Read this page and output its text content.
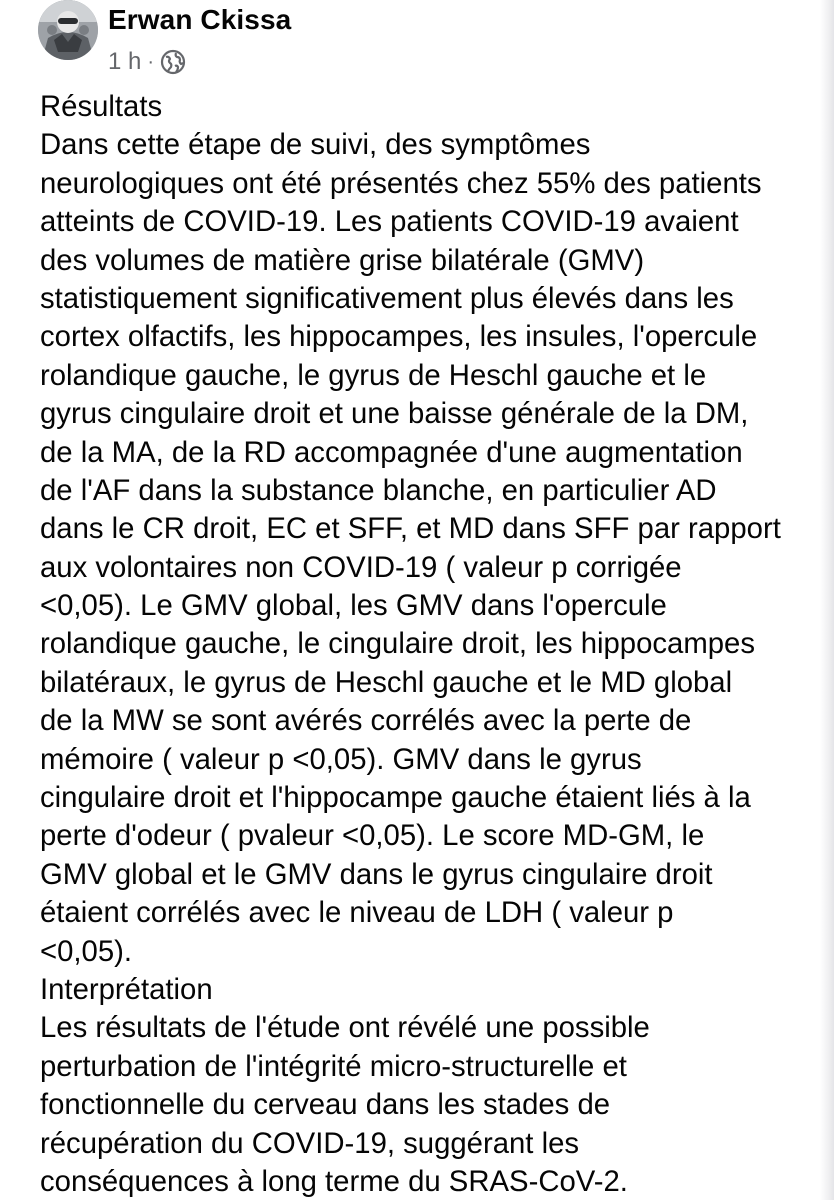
Erwan Ckissa
1 h ·
Résultats
Dans cette étape de suivi, des symptômes
neurologiques ont été présentés chez 55% des patients
atteints de COVID-19. Les patients COVID-19 avaient
des volumes de matière grise bilatérale (GMV)
statistiquement significativement plus élevés dans les
cortex olfactifs, les hippocampes, les insules, l'opercule
rolandique gauche, le gyrus de Heschl gauche et le
gyrus cingulaire droit et une baisse générale de la DM,
de la MA, de la RD accompagnée d'une augmentation
de l'AF dans la substance blanche, en particulier AD
dans le CR droit, EC et SFF, et MD dans SFF par rapport
aux volontaires non COVID-19 ( valeur p corrigée
<0,05). Le GMV global, les GMV dans l'opercule
rolandique gauche, le cingulaire droit, les hippocampes
bilatéraux, le gyrus de Heschl gauche et le MD global
de la MW se sont avérés corrélés avec la perte de
mémoire ( valeur p <0,05). GMV dans le gyrus
cingulaire droit et l'hippocampe gauche étaient liés à la
perte d'odeur ( pvaleur <0,05). Le score MD-GM, le
GMV global et le GMV dans le gyrus cingulaire droit
étaient corrélés avec le niveau de LDH ( valeur p
<0,05).
Interprétation
Les résultats de l'étude ont révélé une possible
perturbation de l'intégrité micro-structurelle et
fonctionnelle du cerveau dans les stades de
récupération du COVID-19, suggérant les
conséquences à long terme du SRAS-CoV-2.
